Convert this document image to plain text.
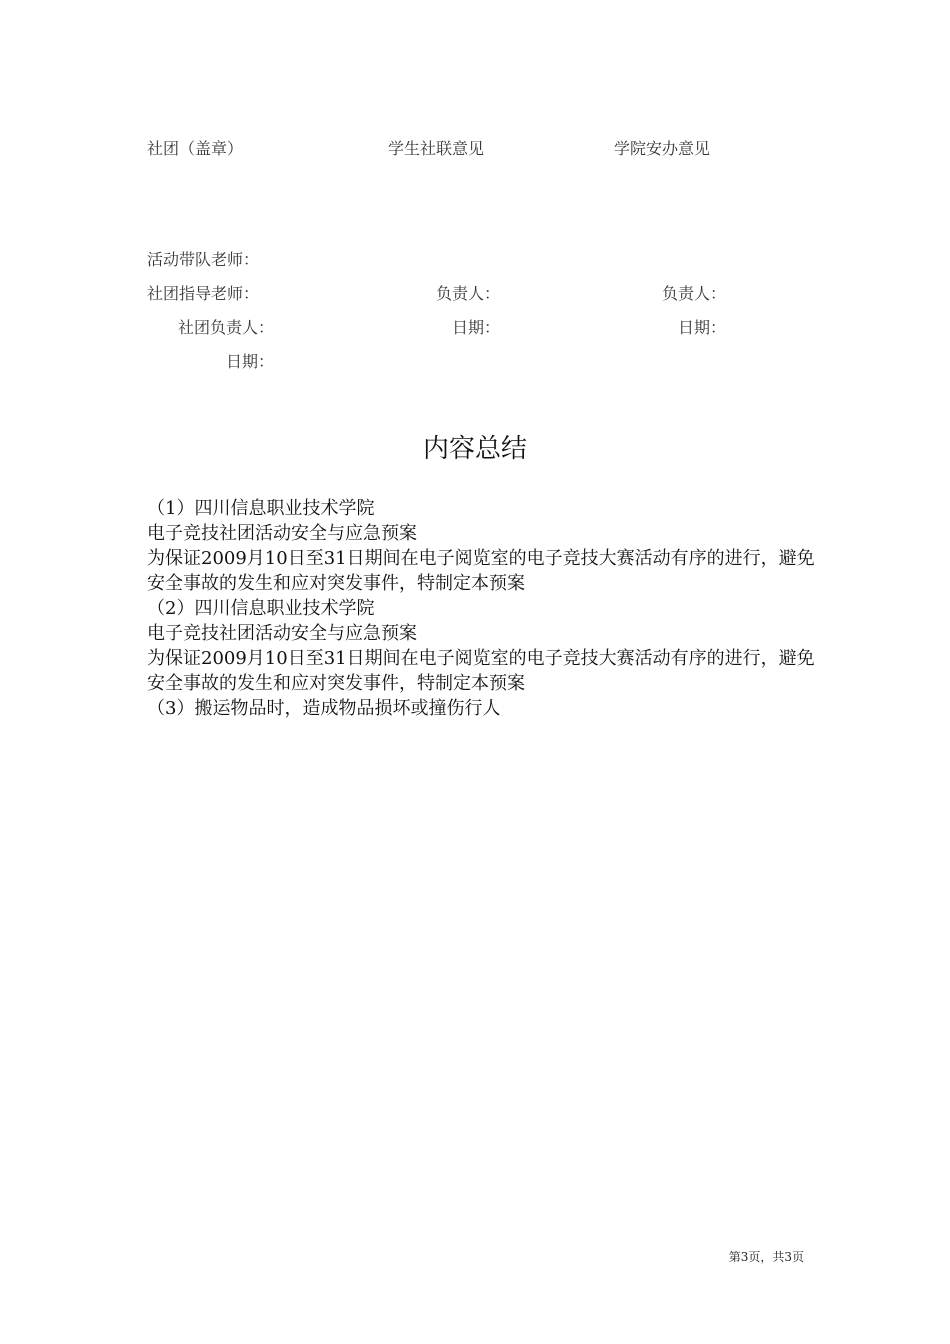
社团（盖章）	学生社联意见	学院安办意见
活动带队老师：
社团指导老师：	负责人：	负责人：
社团负责人：	日期：	日期：
日期：
内容总结
（1）四川信息职业技术学院
电子竞技社团活动安全与应急预案
为保证2009月10日至31日期间在电子阅览室的电子竞技大赛活动有序的进行，避免安全事故的发生和应对突发事件，特制定本预案
（2）四川信息职业技术学院
电子竞技社团活动安全与应急预案
为保证2009月10日至31日期间在电子阅览室的电子竞技大赛活动有序的进行，避免安全事故的发生和应对突发事件，特制定本预案
（3）搬运物品时，造成物品损坏或撞伤行人
第3页，共3页
